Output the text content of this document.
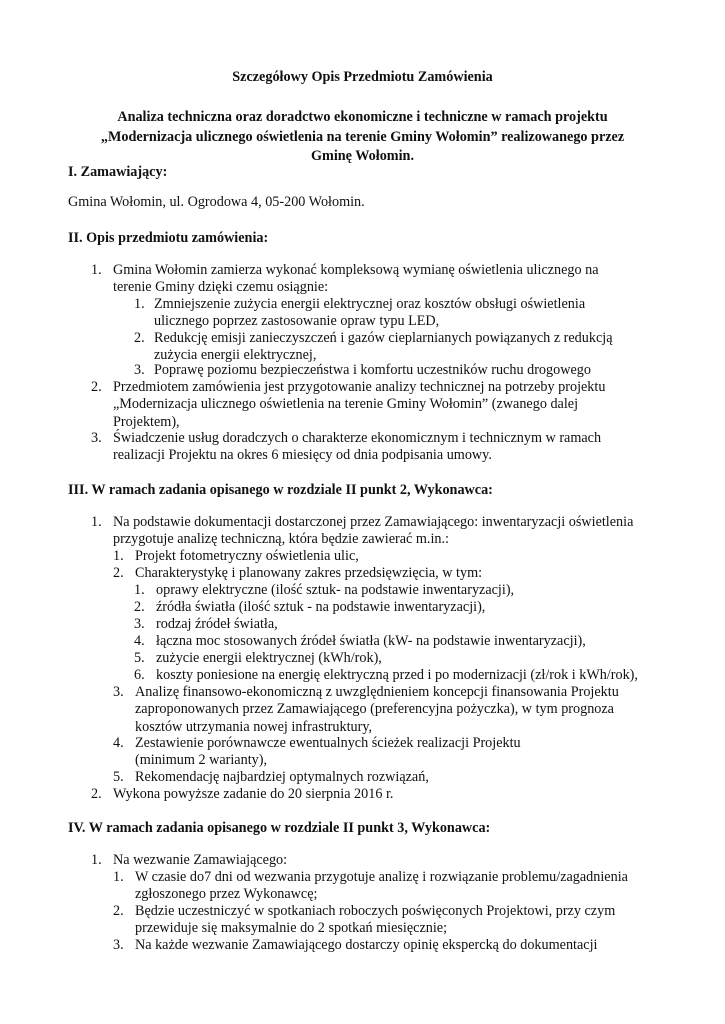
Szczegółowy Opis Przedmiotu Zamówienia
Analiza techniczna oraz doradctwo ekonomiczne i techniczne w ramach projektu
„Modernizacja ulicznego oświetlenia na terenie Gminy Wołomin” realizowanego przez
Gminę Wołomin.
I. Zamawiający:
Gmina Wołomin, ul. Ogrodowa 4, 05-200 Wołomin.
II. Opis przedmiotu zamówienia:
1. Gmina Wołomin zamierza wykonać kompleksową wymianę oświetlenia ulicznego na terenie Gminy dzięki czemu osiągnie:
1. Zmniejszenie zużycia energii elektrycznej oraz kosztów obsługi oświetlenia ulicznego poprzez zastosowanie opraw typu LED,
2. Redukcję emisji zanieczyszczeń i gazów cieplarnianych powiązanych z redukcją zużycia energii elektrycznej,
3. Poprawę poziomu bezpieczeństwa i komfortu uczestników ruchu drogowego
2. Przedmiotem zamówienia jest przygotowanie analizy technicznej na potrzeby projektu „Modernizacja ulicznego oświetlenia na terenie Gminy Wołomin” (zwanego dalej Projektem),
3. Świadczenie usług doradczych o charakterze ekonomicznym i technicznym w ramach realizacji Projektu na okres 6 miesięcy od dnia podpisania umowy.
III. W ramach zadania opisanego w rozdziale II punkt 2, Wykonawca:
1. Na podstawie dokumentacji dostarczonej przez Zamawiającego: inwentaryzacji oświetlenia przygotuje analizę techniczną, która będzie zawierać m.in.:
1. Projekt fotometryczny oświetlenia ulic,
2. Charakterystykę i planowany zakres przedsięwzięcia, w tym:
1. oprawy elektryczne (ilość sztuk- na podstawie inwentaryzacji),
2. źródła światła (ilość sztuk - na podstawie inwentaryzacji),
3. rodzaj źródeł światła,
4. łączna moc stosowanych źródeł światła (kW- na podstawie inwentaryzacji),
5. zużycie energii elektrycznej (kWh/rok),
6. koszty poniesione na energię elektryczną przed i po modernizacji (zł/rok i kWh/rok),
3. Analizę finansowo-ekonomiczną z uwzględnieniem koncepcji finansowania Projektu zaproponowanych przez Zamawiającego (preferencyjna pożyczka), w tym prognoza kosztów utrzymania nowej infrastruktury,
4. Zestawienie porównawcze ewentualnych ścieżek realizacji Projektu (minimum 2 warianty),
5. Rekomendację najbardziej optymalnych rozwiązań,
2. Wykona powyższe zadanie do 20 sierpnia 2016 r.
IV. W ramach zadania opisanego w rozdziale II punkt 3, Wykonawca:
1. Na wezwanie Zamawiającego:
1. W czasie do7 dni od wezwania przygotuje analizę i rozwiązanie problemu/zagadnienia zgłoszonego przez Wykonawcę;
2. Będzie uczestniczyć w spotkaniach roboczych poświęconych Projektowi, przy czym przewiduje się maksymalnie do 2 spotkań miesięcznie;
3. Na każde wezwanie Zamawiającego dostarczy opinię ekspercką do dokumentacji
